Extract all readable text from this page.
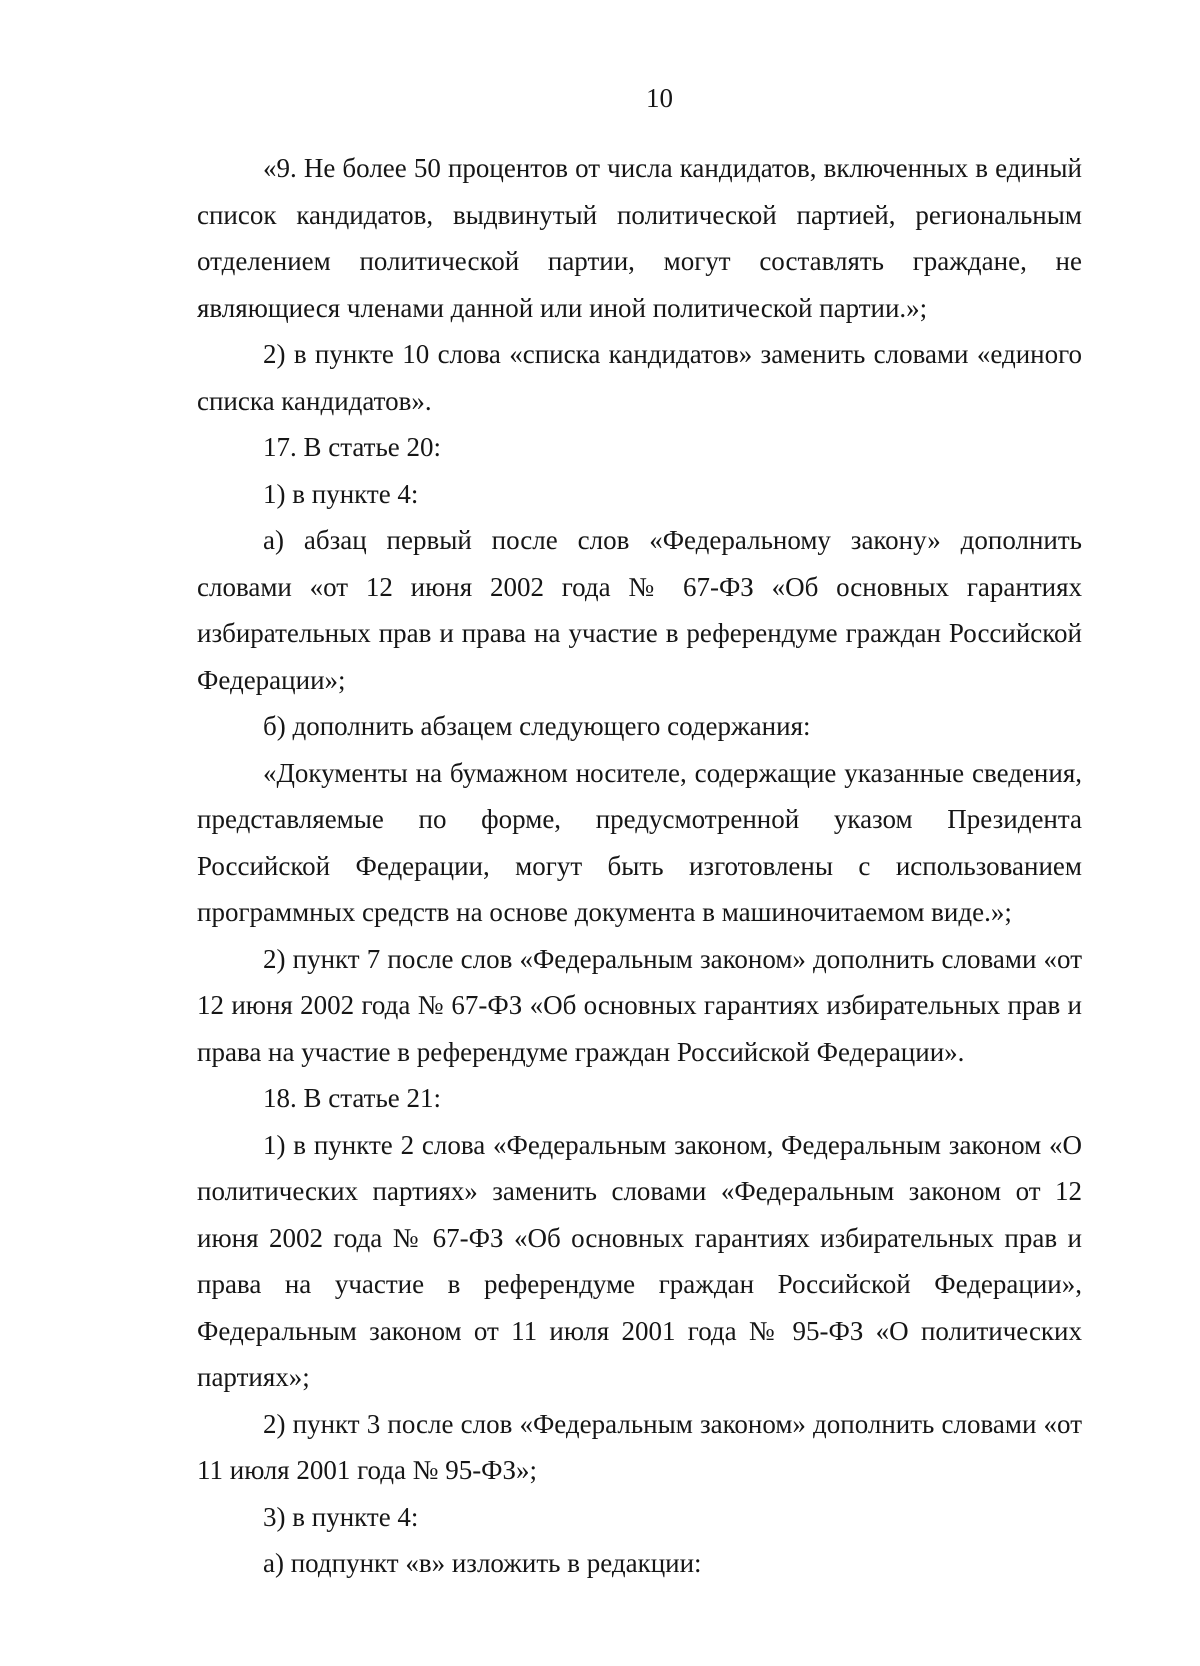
10

«9. Не более 50 процентов от числа кандидатов, включенных в единый список кандидатов, выдвинутый политической партией, региональным отделением политической партии, могут составлять граждане, не являющиеся членами данной или иной политической партии.»;

2) в пункте 10 слова «списка кандидатов» заменить словами «единого списка кандидатов».

17. В статье 20:

1) в пункте 4:

а) абзац первый после слов «Федеральному закону» дополнить словами «от 12 июня 2002 года № 67-ФЗ «Об основных гарантиях избирательных прав и права на участие в референдуме граждан Российской Федерации»;

б) дополнить абзацем следующего содержания:

«Документы на бумажном носителе, содержащие указанные сведения, представляемые по форме, предусмотренной указом Президента Российской Федерации, могут быть изготовлены с использованием программных средств на основе документа в машиночитаемом виде.»;

2) пункт 7 после слов «Федеральным законом» дополнить словами «от 12 июня 2002 года № 67-ФЗ «Об основных гарантиях избирательных прав и права на участие в референдуме граждан Российской Федерации».

18. В статье 21:

1) в пункте 2 слова «Федеральным законом, Федеральным законом «О политических партиях» заменить словами «Федеральным законом от 12 июня 2002 года № 67-ФЗ «Об основных гарантиях избирательных прав и права на участие в референдуме граждан Российской Федерации», Федеральным законом от 11 июля 2001 года № 95-ФЗ «О политических партиях»;

2) пункт 3 после слов «Федеральным законом» дополнить словами «от 11 июля 2001 года № 95-ФЗ»;

3) в пункте 4:

а) подпункт «в» изложить в редакции:
